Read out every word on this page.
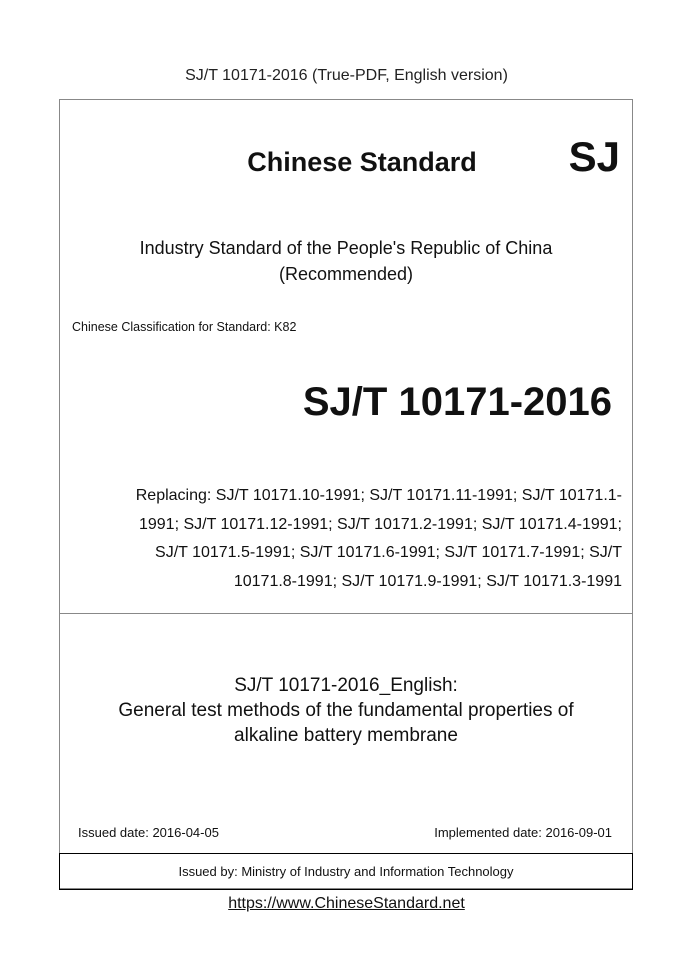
SJ/T 10171-2016 (True-PDF, English version)
Chinese Standard	SJ
Industry Standard of the People's Republic of China
(Recommended)
Chinese Classification for Standard: K82
SJ/T 10171-2016
Replacing: SJ/T 10171.10-1991; SJ/T 10171.11-1991; SJ/T 10171.1-
1991; SJ/T 10171.12-1991; SJ/T 10171.2-1991; SJ/T 10171.4-1991;
SJ/T 10171.5-1991; SJ/T 10171.6-1991; SJ/T 10171.7-1991; SJ/T
10171.8-1991; SJ/T 10171.9-1991; SJ/T 10171.3-1991
SJ/T 10171-2016_English:
General test methods of the fundamental properties of
alkaline battery membrane
Issued date: 2016-04-05	Implemented date: 2016-09-01
Issued by: Ministry of Industry and Information Technology
https://www.ChineseStandard.net
